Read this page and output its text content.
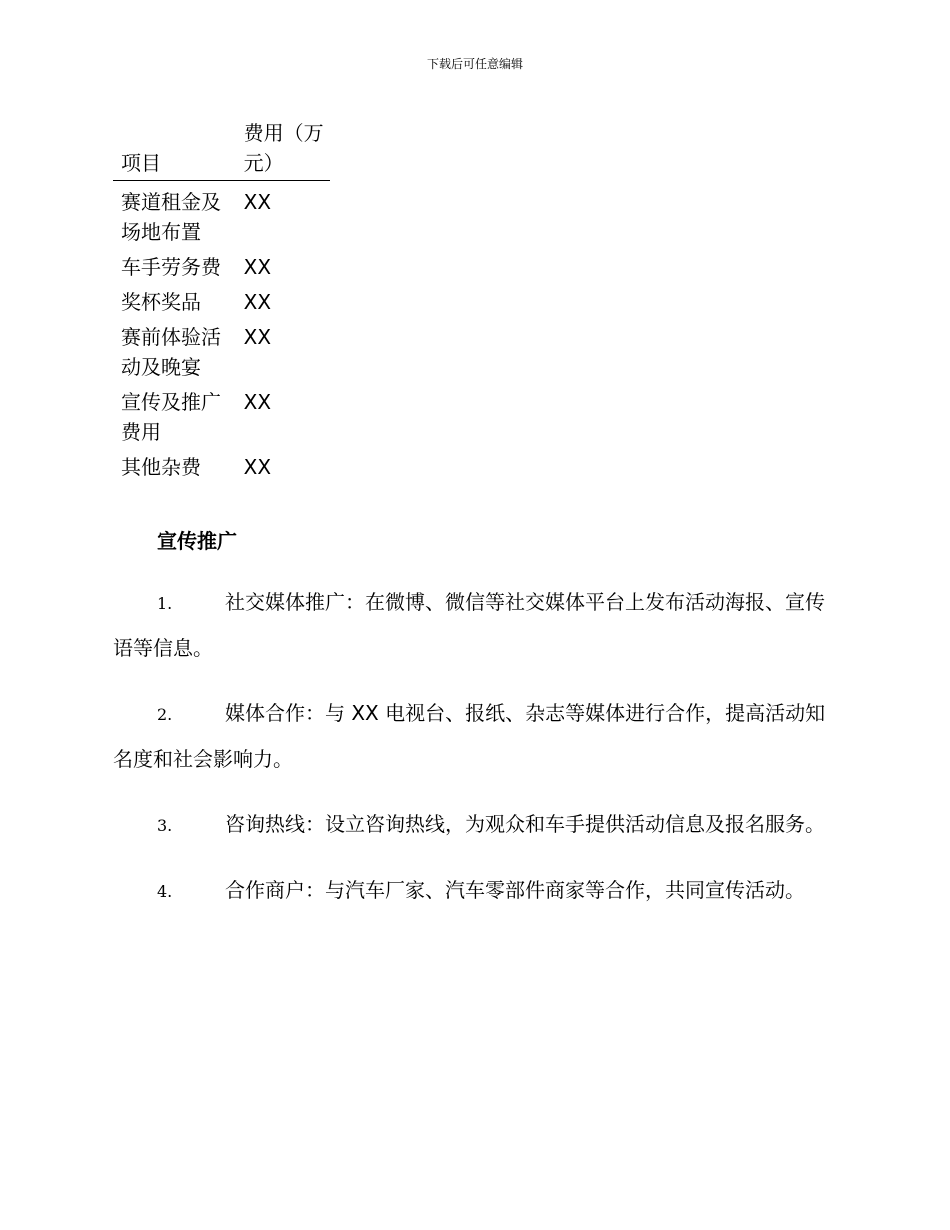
下载后可任意编辑
项目	费用（万元）
赛道租金及场地布置	XX
车手劳务费	XX
奖杯奖品	XX
赛前体验活动及晚宴	XX
宣传及推广费用	XX
其他杂费	XX
宣传推广

1.	社交媒体推广：在微博、微信等社交媒体平台上发布活动海报、宣传语等信息。

2.	媒体合作：与 XX 电视台、报纸、杂志等媒体进行合作，提高活动知名度和社会影响力。

3.	咨询热线：设立咨询热线，为观众和车手提供活动信息及报名服务。

4.	合作商户：与汽车厂家、汽车零部件商家等合作，共同宣传活动。
